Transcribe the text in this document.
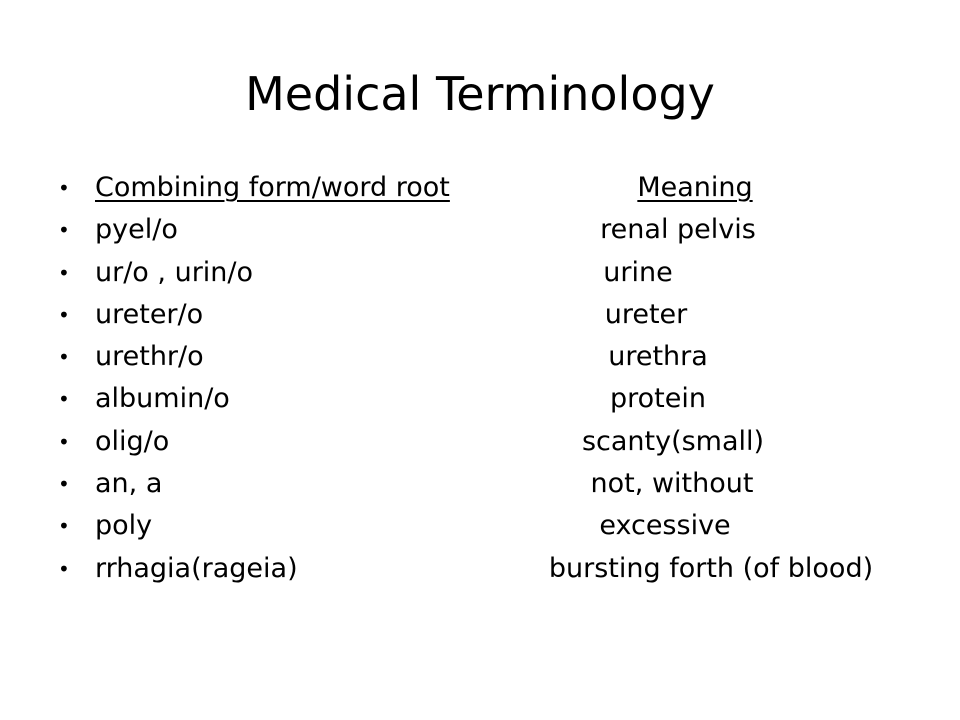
Medical Terminology
• Combining form/word root	Meaning
• pyel/o	renal pelvis
• ur/o , urin/o	urine
• ureter/o	ureter
• urethr/o	urethra
• albumin/o	protein
• olig/o	scanty(small)
• an, a	not, without
• poly	excessive
• rrhagia(rageia)	bursting forth (of blood)
